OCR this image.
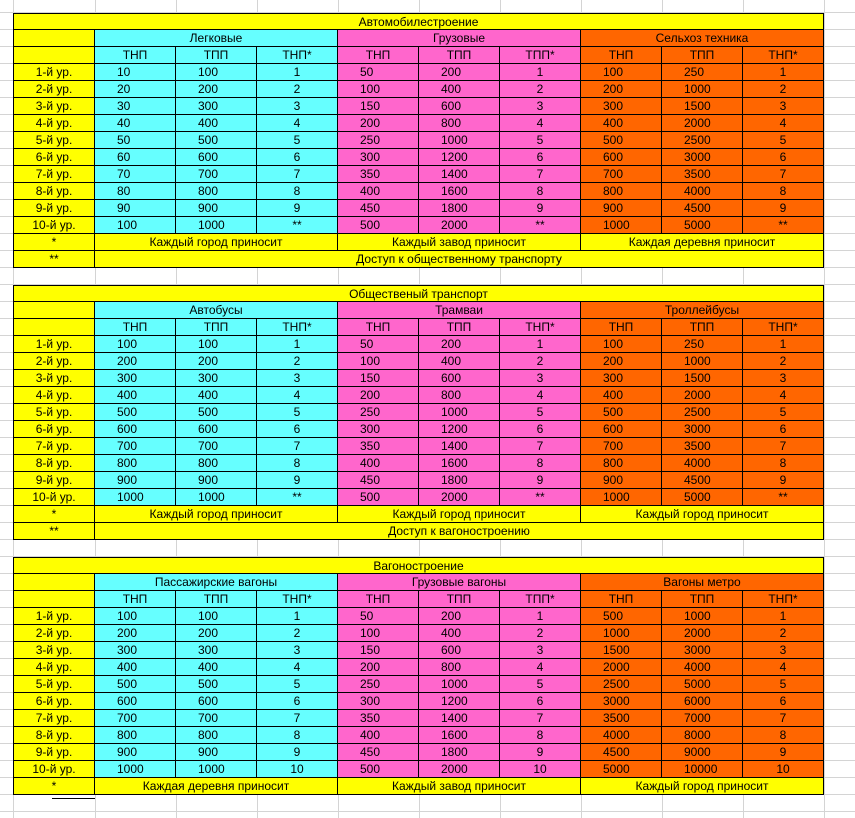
Автомобилестроение
Легковые	Грузовые	Сельхоз техника
ТНП	ТПП	ТНП*	ТНП	ТПП	ТПП*	ТНП	ТПП	ТНП*
1-й ур.	10	100	1	50	200	1	100	250	1
2-й ур.	20	200	2	100	400	2	200	1000	2
3-й ур.	30	300	3	150	600	3	300	1500	3
4-й ур.	40	400	4	200	800	4	400	2000	4
5-й ур.	50	500	5	250	1000	5	500	2500	5
6-й ур.	60	600	6	300	1200	6	600	3000	6
7-й ур.	70	700	7	350	1400	7	700	3500	7
8-й ур.	80	800	8	400	1600	8	800	4000	8
9-й ур.	90	900	9	450	1800	9	900	4500	9
10-й ур.	100	1000	**	500	2000	**	1000	5000	**
*	Каждый город приносит	Каждый завод приносит	Каждая деревня приносит
**	Доступ к общественному транспорту
Общественый транспорт
Автобусы	Трамваи	Троллейбусы
ТНП	ТПП	ТНП*	ТНП	ТПП	ТНП*	ТНП	ТПП	ТНП*
1-й ур.	100	100	1	50	200	1	100	250	1
2-й ур.	200	200	2	100	400	2	200	1000	2
3-й ур.	300	300	3	150	600	3	300	1500	3
4-й ур.	400	400	4	200	800	4	400	2000	4
5-й ур.	500	500	5	250	1000	5	500	2500	5
6-й ур.	600	600	6	300	1200	6	600	3000	6
7-й ур.	700	700	7	350	1400	7	700	3500	7
8-й ур.	800	800	8	400	1600	8	800	4000	8
9-й ур.	900	900	9	450	1800	9	900	4500	9
10-й ур.	1000	1000	**	500	2000	**	1000	5000	**
*	Каждый город приносит	Каждый город приносит	Каждый город приносит
**	Доступ к вагоностроению
Вагоностроение
Пассажирские вагоны	Грузовые вагоны	Вагоны метро
ТНП	ТПП	ТНП*	ТНП	ТПП	ТПП*	ТНП	ТПП	ТНП*
1-й ур.	100	100	1	50	200	1	500	1000	1
2-й ур.	200	200	2	100	400	2	1000	2000	2
3-й ур.	300	300	3	150	600	3	1500	3000	3
4-й ур.	400	400	4	200	800	4	2000	4000	4
5-й ур.	500	500	5	250	1000	5	2500	5000	5
6-й ур.	600	600	6	300	1200	6	3000	6000	6
7-й ур.	700	700	7	350	1400	7	3500	7000	7
8-й ур.	800	800	8	400	1600	8	4000	8000	8
9-й ур.	900	900	9	450	1800	9	4500	9000	9
10-й ур.	1000	1000	10	500	2000	10	5000	10000	10
*	Каждая деревня приносит	Каждый завод приносит	Каждый город приносит
